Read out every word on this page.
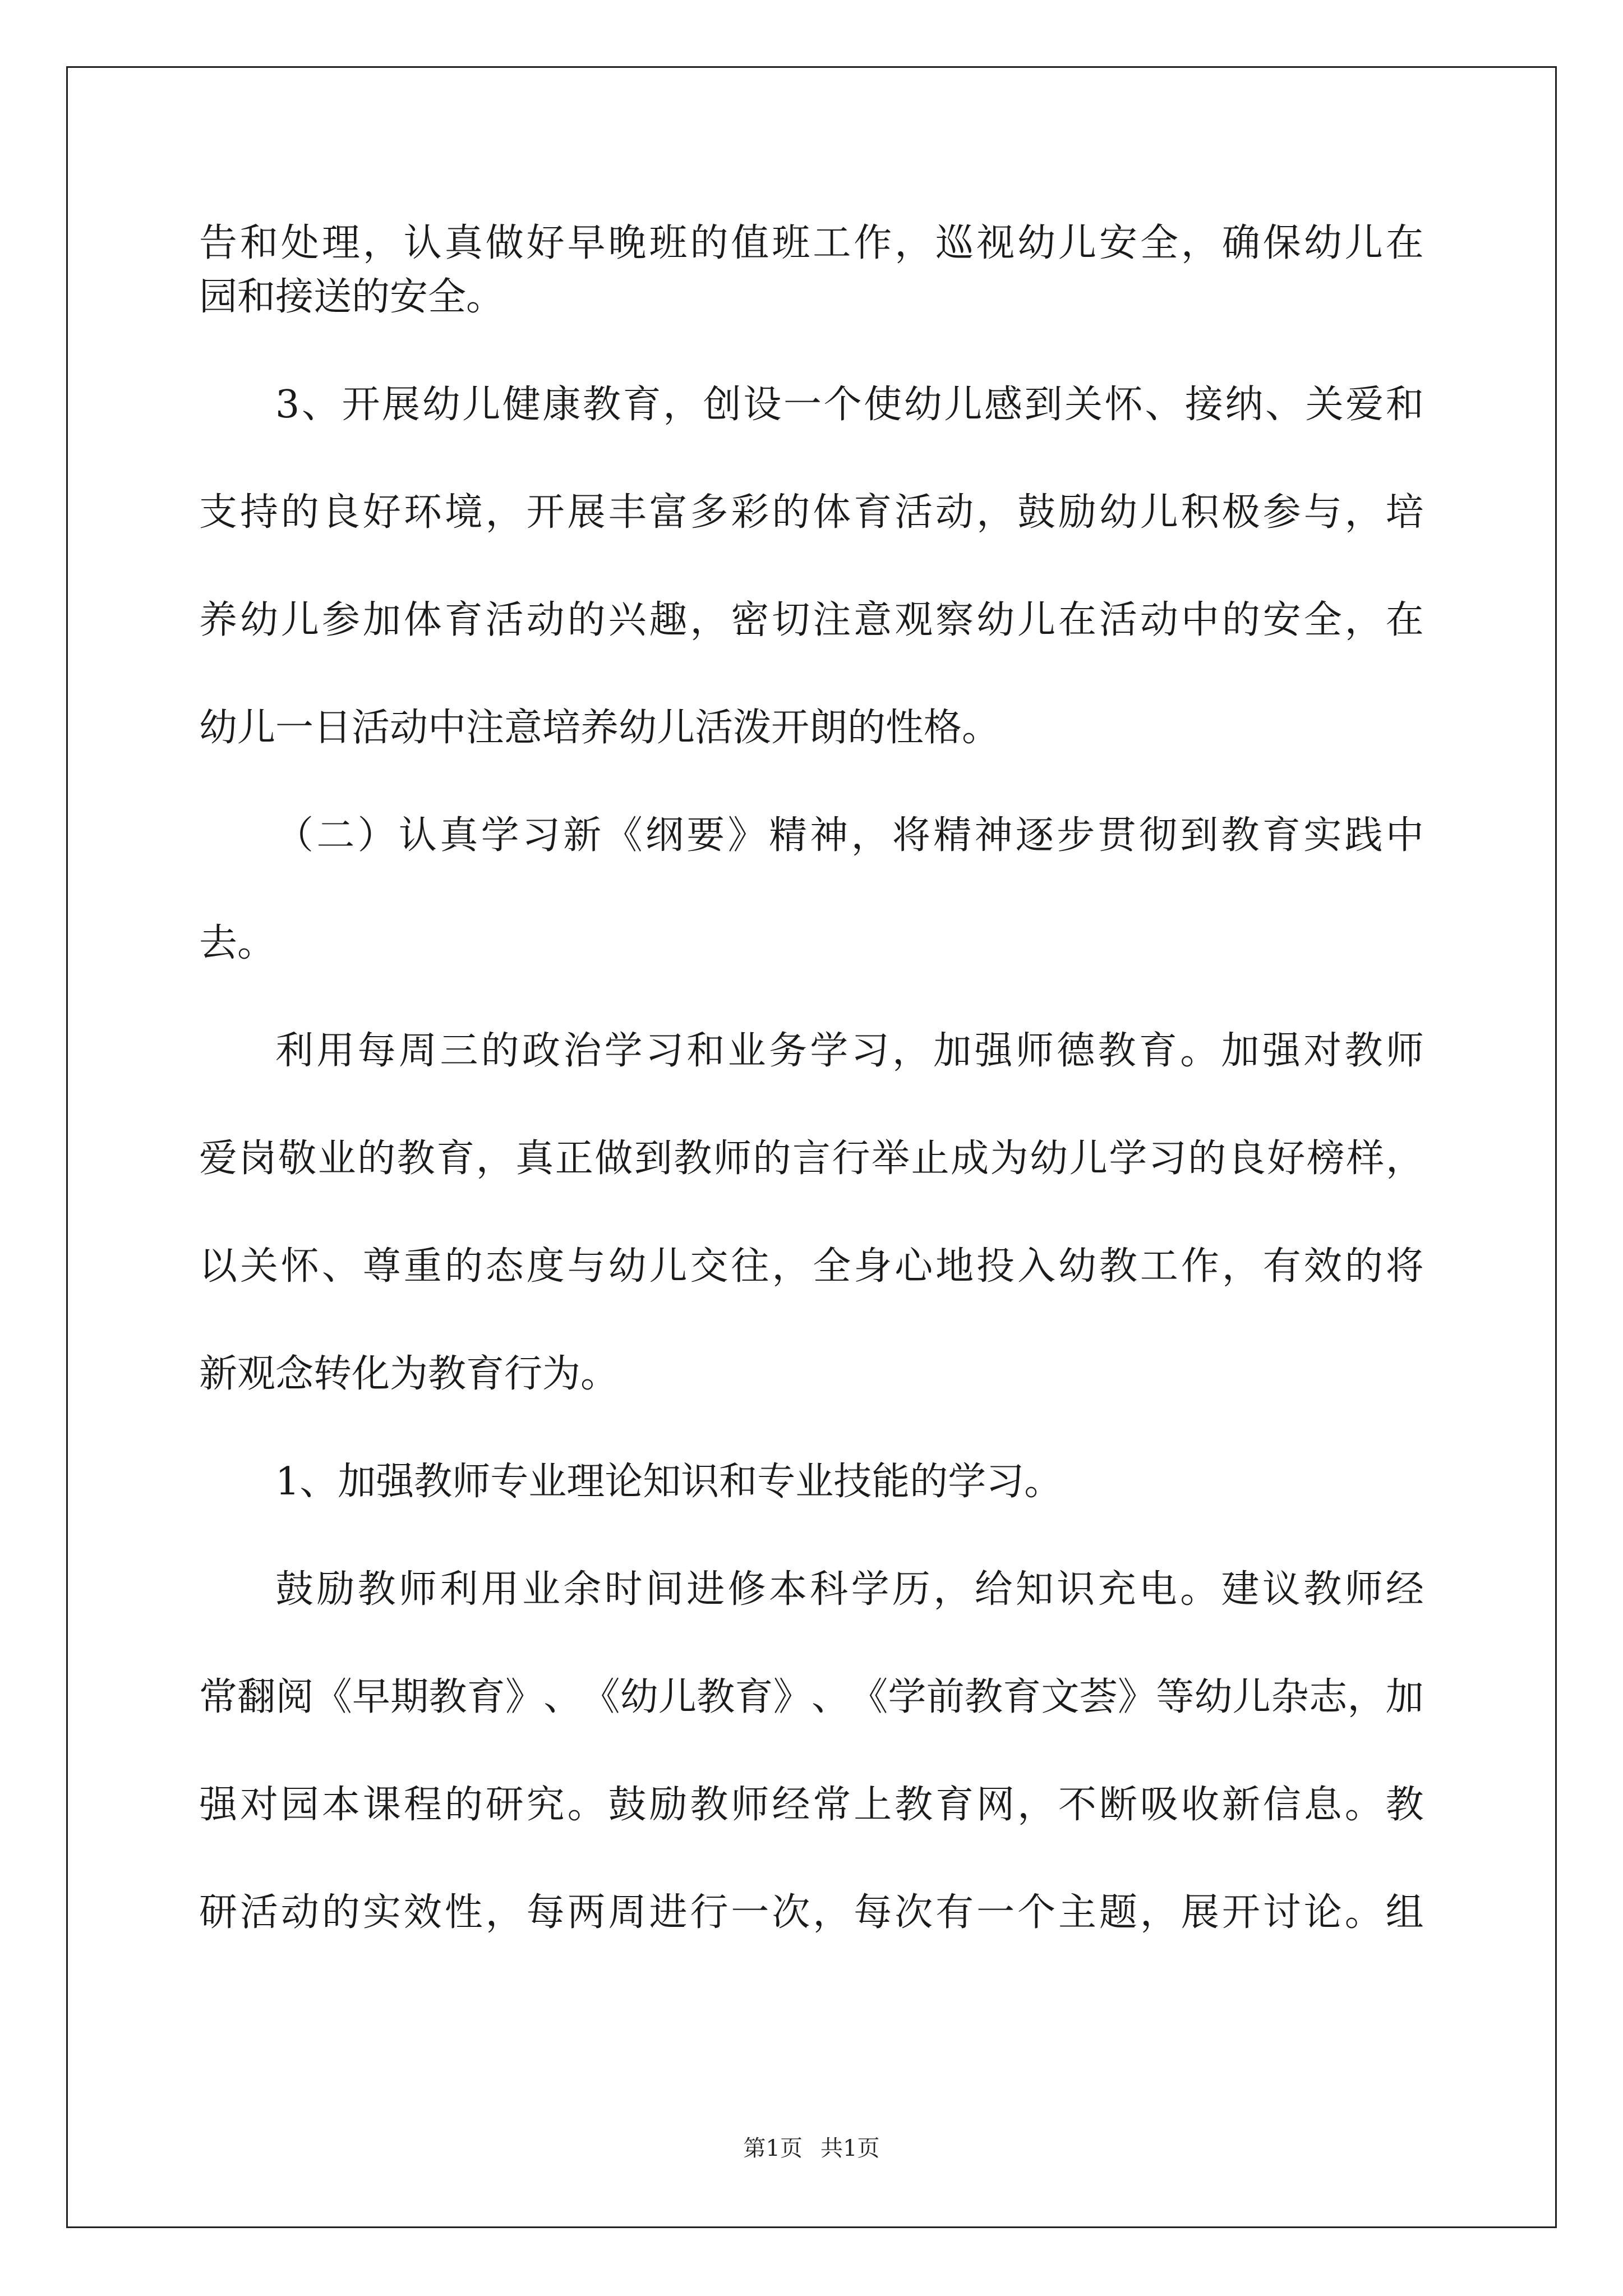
告​和​处​理​，​认​真​做​好​早​晚​班​的​值​班​工​作​，​巡​视​幼​儿​安​全​，​确​保​幼​儿​在​
园和接送的安全。
3​、​开​展​幼​儿​健​康​教​育​，​创​设​一​个​使​幼​儿​感​到​关​怀​、​接​纳​、​关​爱​和​
支​持​的​良​好​环​境​，​开​展​丰​富​多​彩​的​体​育​活​动​，​鼓​励​幼​儿​积​极​参​与​，​培​
养​幼​儿​参​加​体​育​活​动​的​兴​趣​，​密​切​注​意​观​察​幼​儿​在​活​动​中​的​安​全​，​在​
幼儿一日活动中注意培养幼儿活泼开朗的性格。
（​二​）​认​真​学​习​新​《​纲​要​》​精​神​，​将​精​神​逐​步​贯​彻​到​教​育​实​践​中​
去。
利​用​每​周​三​的​政​治​学​习​和​业​务​学​习​，​加​强​师​德​教​育​。​加​强​对​教​师​
爱​岗​敬​业​的​教​育​，​真​正​做​到​教​师​的​言​行​举​止​成​为​幼​儿​学​习​的​良​好​榜​样​，​
以​关​怀​、​尊​重​的​态​度​与​幼​儿​交​往​，​全​身​心​地​投​入​幼​教​工​作​，​有​效​的​将​
新观念转化为教育行为。
1、加强教师专业理论知识和专业技能的学习。
鼓​励​教​师​利​用​业​余​时​间​进​修​本​科​学​历​，​给​知​识​充​电​。​建​议​教​师​经​
常​翻​阅​《​早​期​教​育​》​、​《​幼​儿​教​育​》​、​《​学​前​教​育​文​荟​》​等​幼​儿​杂​志​，​加​
强​对​园​本​课​程​的​研​究​。​鼓​励​教​师​经​常​上​教​育​网​，​不​断​吸​收​新​信​息​。​教​
研​活​动​的​实​效​性​，​每​两​周​进​行​一​次​，​每​次​有​一​个​主​题​，​展​开​讨​论​。​组​
第1页 共1页
